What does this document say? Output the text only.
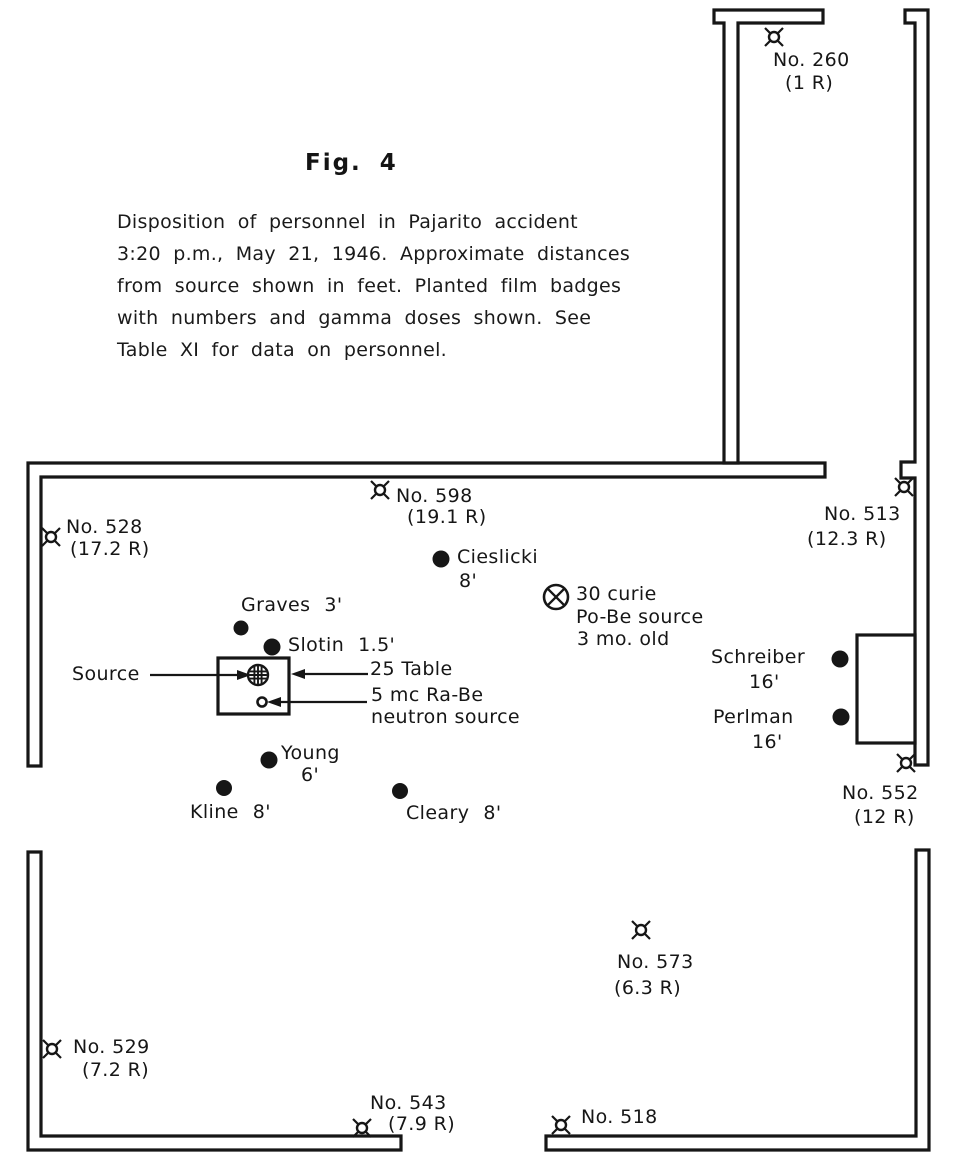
Fig. 4
Disposition of personnel in Pajarito accident
3:20 p.m., May 21, 1946. Approximate distances
from source shown in feet. Planted film badges
with numbers and gamma doses shown. See
Table XI for data on personnel.
No. 260
(1 R)
No. 598
(19.1 R)
No. 528
(17.2 R)
No. 513
(12.3 R)
No. 552
(12 R)
No. 573
(6.3 R)
No. 529
(7.2 R)
No. 543
(7.9 R)	No. 518
Graves 3'
Slotin 1.5'
Cieslicki
8'
Young
6'
Kline 8'	Cleary 8'
Schreiber
16'
Perlman
16'
Source	25 Table
5 mc Ra-Be
neutron source
30 curie
Po-Be source
3 mo. old
